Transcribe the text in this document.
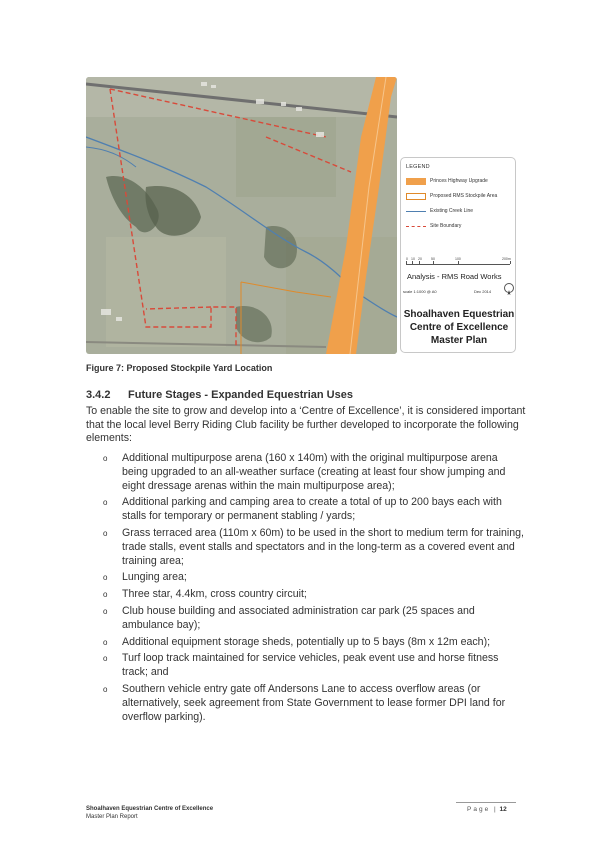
LEGEND
Princes Highway Upgrade
Proposed RMS Stockpile Area
Existing Creek Line
Site Boundary
0 10 20	50	100	200m
Analysis - RMS Road Works
scale 1:1000 @ A0	Dec 2014
Shoalhaven Equestrian
Centre of Excellence
Master Plan
Figure 7: Proposed Stockpile Yard Location
3.4.2 Future Stages - Expanded Equestrian Uses
To enable the site to grow and develop into a ‘Centre of Excellence’, it is considered important that the local level Berry Riding Club facility be further developed to incorporate the following elements:
o Additional multipurpose arena (160 x 140m) with the original multipurpose arena being upgraded to an all-weather surface (creating at least four show jumping and eight dressage arenas within the main multipurpose area);
o Additional parking and camping area to create a total of up to 200 bays each with stalls for temporary or permanent stabling / yards;
o Grass terraced area (110m x 60m) to be used in the short to medium term for training, trade stalls, event stalls and spectators and in the long-term as a covered event and training area;
o Lunging area;
o Three star, 4.4km, cross country circuit;
o Club house building and associated administration car park (25 spaces and ambulance bay);
o Additional equipment storage sheds, potentially up to 5 bays (8m x 12m each);
o Turf loop track maintained for service vehicles, peak event use and horse fitness track; and
o Southern vehicle entry gate off Andersons Lane to access overflow areas (or alternatively, seek agreement from State Government to lease former DPI land for overflow parking).
Shoalhaven Equestrian Centre of Excellence
Master Plan Report
Page | 12
